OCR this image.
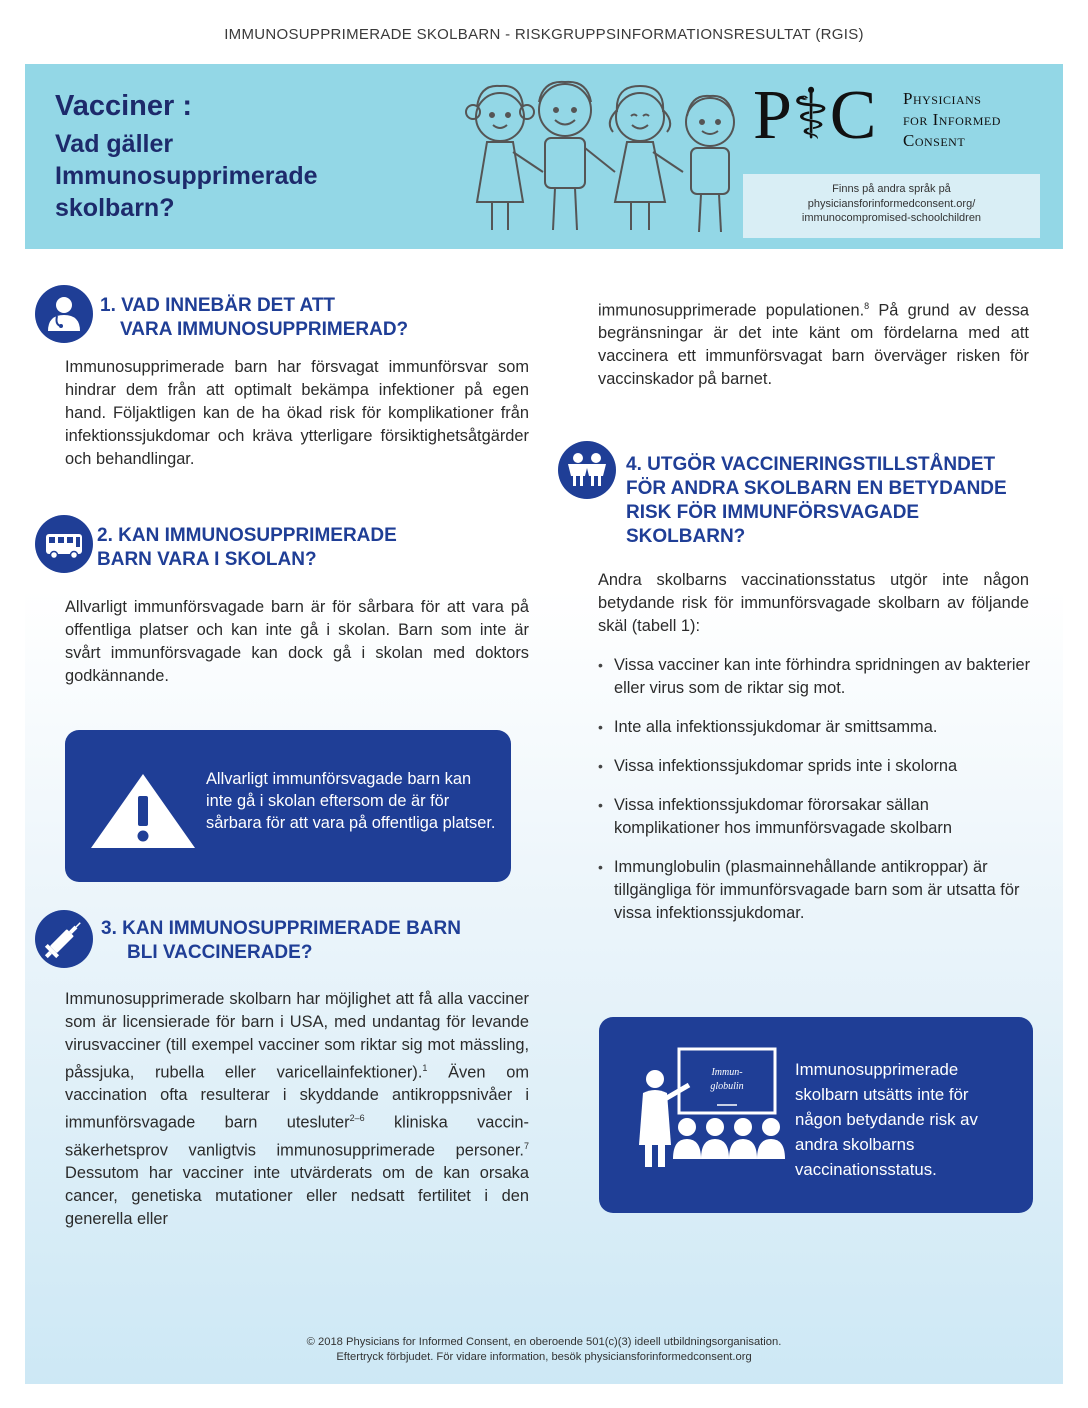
IMMUNOSUPPRIMERADE SKOLBARN - RISKGRUPPSINFORMATIONSRESULTAT (RGIS)
Vacciner :
Vad gäller Immunosupprimerade skolbarn?
P⚕C Physicians
for Informed
Consent
Finns på andra språk på
physiciansforinformedconsent.org/
immunocompromised-schoolchildren
1. VAD INNEBÄR DET ATT
VARA IMMUNOSUPPRIMERAD?
Immunosupprimerade barn har försvagat immunförsvar som hindrar dem från att optimalt bekämpa infektioner på egen hand. Följaktligen kan de ha ökad risk för komplikationer från infektionssjukdomar och kräva ytterligare försiktighetsåtgärder och behandlingar.
2. KAN IMMUNOSUPPRIMERADE
BARN VARA I SKOLAN?
Allvarligt immunförsvagade barn är för sårbara för att vara på offentliga platser och kan inte gå i skolan. Barn som inte är svårt immunförsvagade kan dock gå i skolan med doktors godkännande.
Allvarligt immunförsvagade barn kan inte gå i skolan eftersom de är för sårbara för att vara på offentliga platser.
3. KAN IMMUNOSUPPRIMERADE BARN
BLI VACCINERADE?
Immunosupprimerade skolbarn har möjlighet att få alla vacciner som är licensierade för barn i USA, med undantag för levande virusvacciner (till exempel vacciner som riktar sig mot mässling, påssjuka, rubella eller varicellainfektioner).$^1$ Även om vaccination ofta resulterar i skyddande antikroppsnivåer i immunförsvagade barn utesluter$^{2-6}$ kliniska vaccin-säkerhetsprov vanligtvis immunosupprimerade personer.$^7$ Dessutom har vacciner inte utvärderats om de kan orsaka cancer, genetiska mutationer eller nedsatt fertilitet i den generella eller
immunosupprimerade populationen.$^8$ På grund av dessa begränsningar är det inte känt om fördelarna med att vaccinera ett immunförsvagat barn överväger risken för vaccinskador på barnet.
4. UTGÖR VACCINERINGSTILLSTÅNDET
FÖR ANDRA SKOLBARN EN BETYDANDE
RISK FÖR IMMUNFÖRSVAGADE
SKOLBARN?
Andra skolbarns vaccinationsstatus utgör inte någon betydande risk för immunförsvagade skolbarn av följande skäl (tabell 1):
• Vissa vacciner kan inte förhindra spridningen av bakterier eller virus som de riktar sig mot.
• Inte alla infektionssjukdomar är smittsamma.
• Vissa infektionssjukdomar sprids inte i skolorna
• Vissa infektionssjukdomar förorsakar sällan komplikationer hos immunförsvagade skolbarn
• Immunglobulin (plasmainnehållande antikroppar) är tillgängliga för immunförsvagade barn som är utsatta för vissa infektionssjukdomar.
Immun-
globulin
Immunosupprimerade skolbarn utsätts inte för någon betydande risk av andra skolbarns vaccinationsstatus.
© 2018 Physicians for Informed Consent, en oberoende 501(c)(3) ideell utbildningsorganisation.
Eftertryck förbjudet. För vidare information, besök physiciansforinformedconsent.org
